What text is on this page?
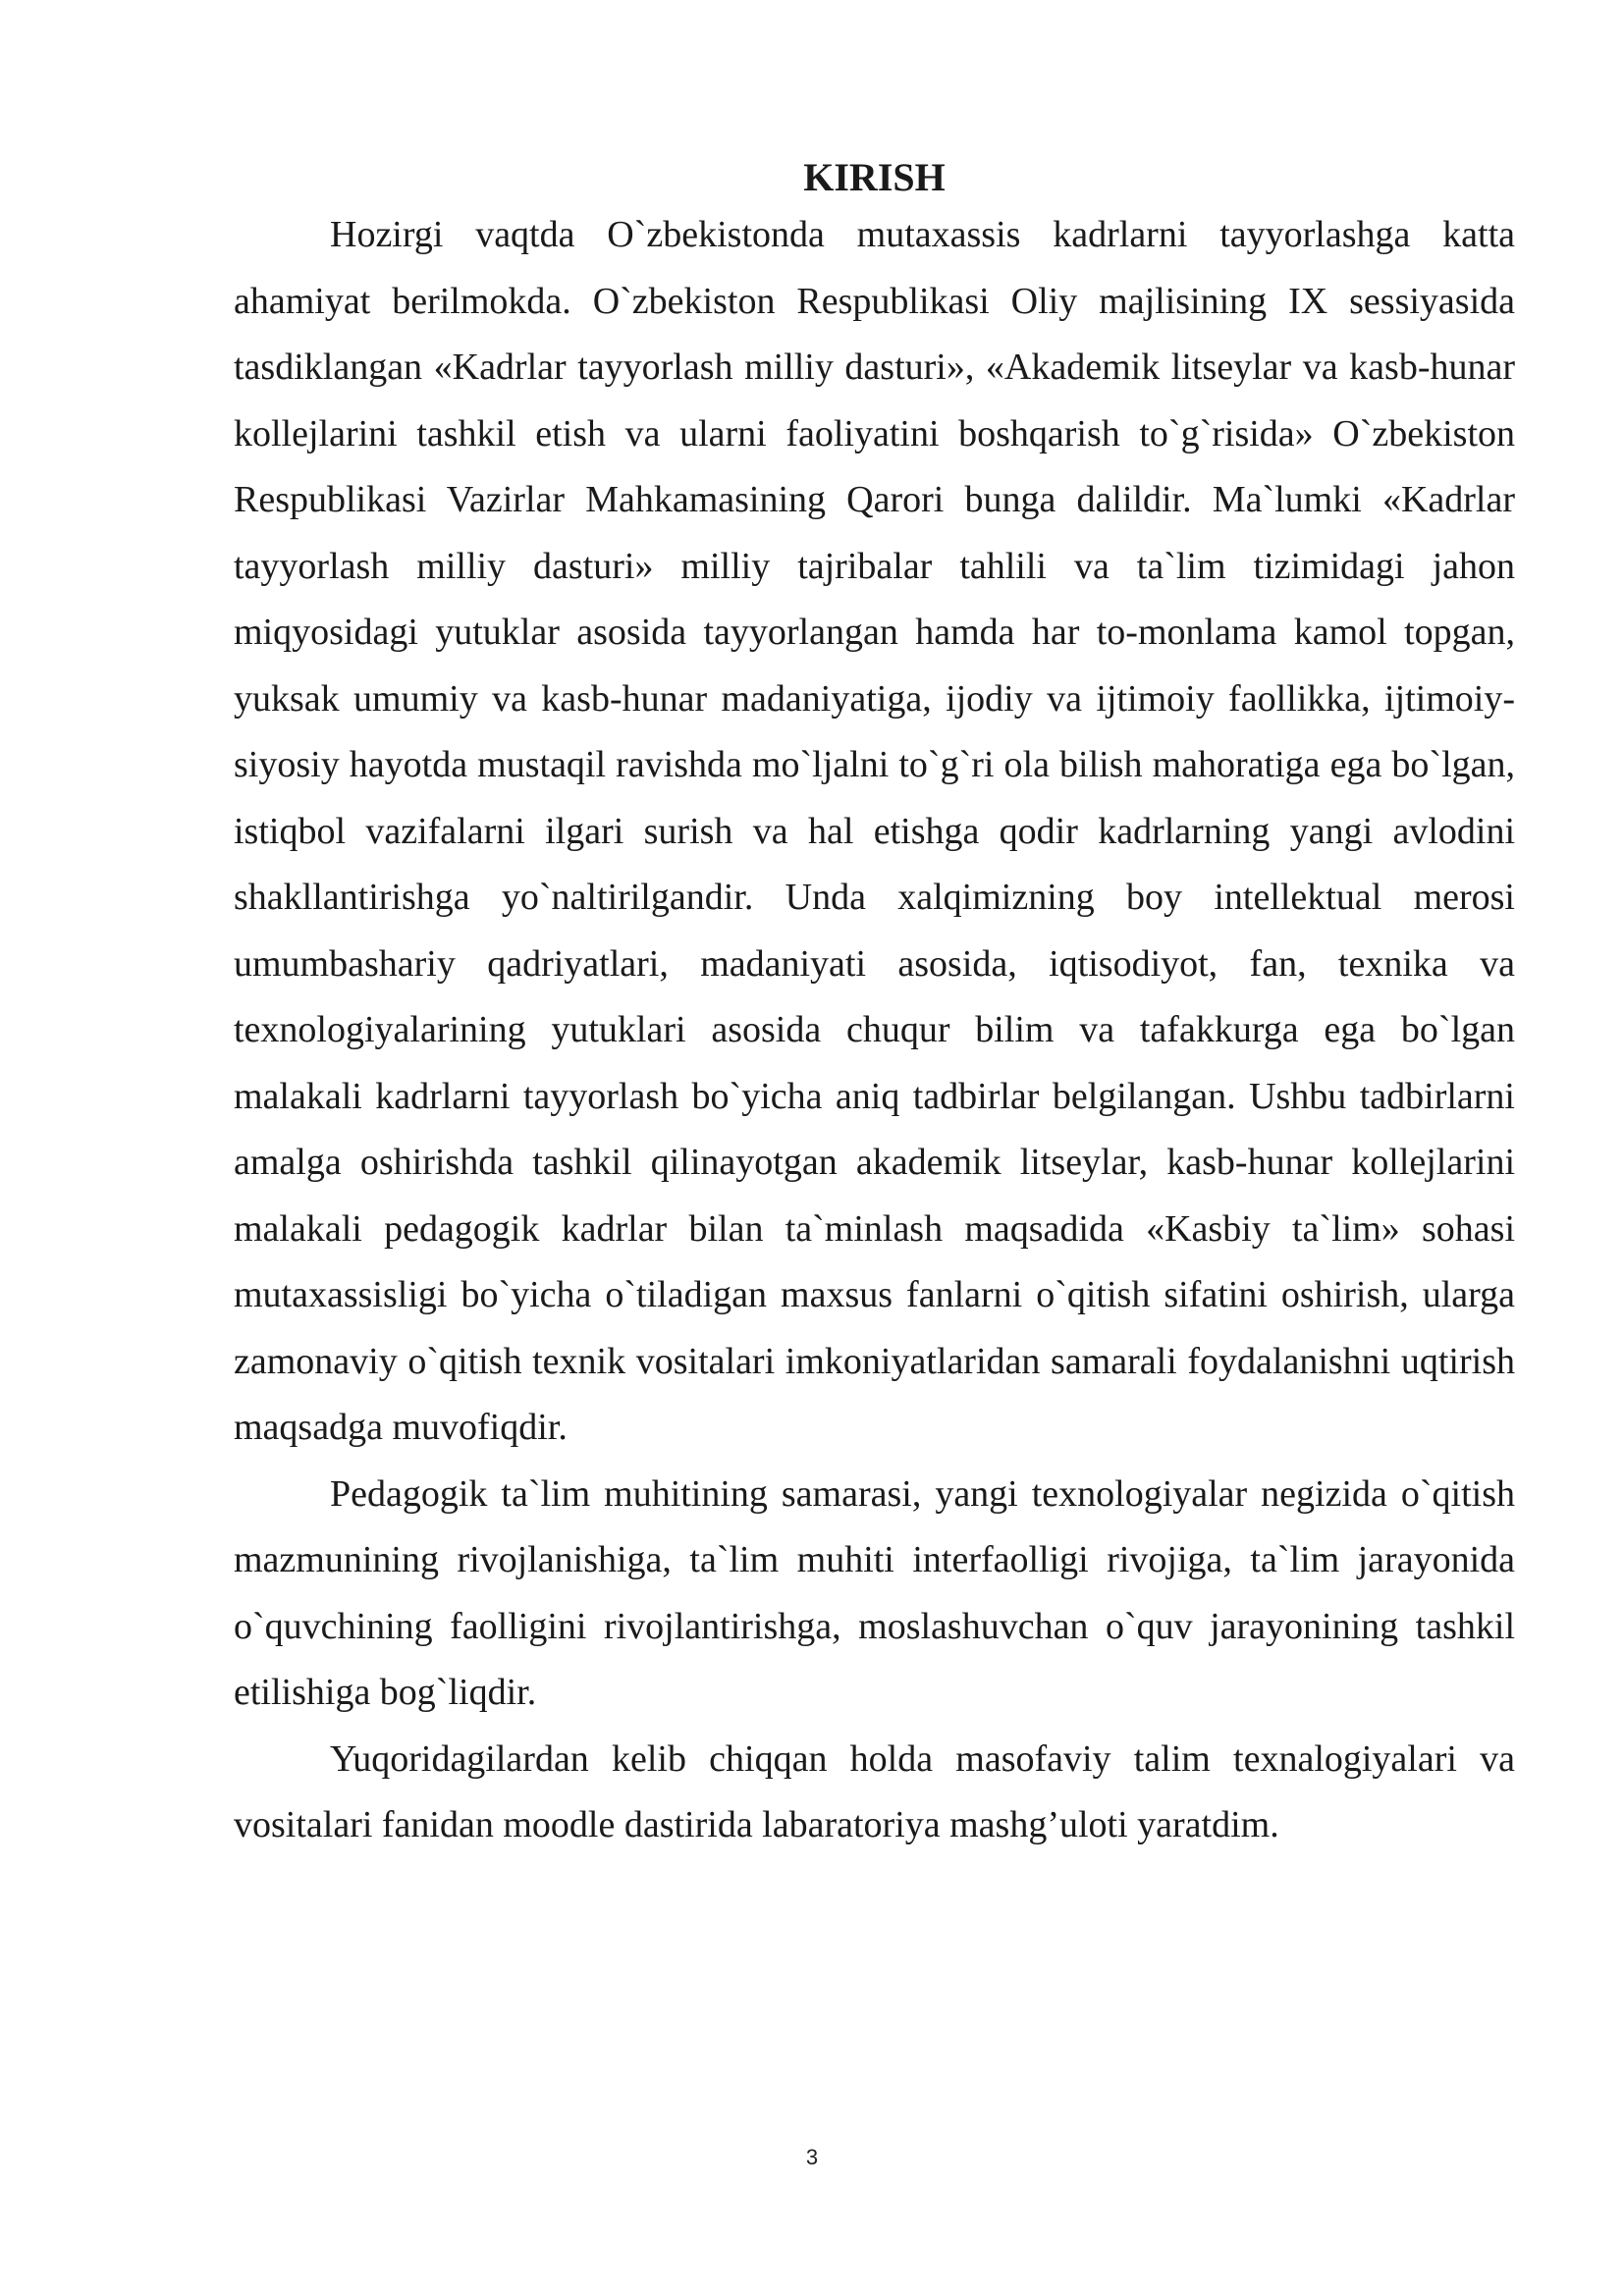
KIRISH

Hozirgi vaqtda O`zbekistonda mutaxassis kadrlarni tayyorlashga katta ahamiyat berilmokda. O`zbekiston Respublikasi Oliy majlisining IX sessiyasida tasdiklangan «Kadrlar tayyorlash milliy dasturi», «Akademik litseylar va kasb-hunar kollejlarini tashkil etish va ularni faoliyatini boshqarish to`g`risida» O`zbekiston Respublikasi Vazirlar Mahkamasining Qarori bunga dalildir. Ma`lumki «Kadrlar tayyorlash milliy dasturi» milliy tajribalar tahlili va ta`lim tizimidagi jahon miqyosidagi yutuklar asosida tayyorlangan hamda har to-monlama kamol topgan, yuksak umumiy va kasb-hunar madaniyatiga, ijodiy va ijtimoiy faollikka, ijtimoiy-siyosiy hayotda mustaqil ravishda mo`ljalni to`g`ri ola bilish mahoratiga ega bo`lgan, istiqbol vazifalarni ilgari surish va hal etishga qodir kadrlarning yangi avlodini shakllantirishga yo`naltirilgandir. Unda xalqimizning boy intellektual merosi umumbashariy qadriyatlari, madaniyati asosida, iqtisodiyot, fan, texnika va texnologiyalarining yutuklari asosida chuqur bilim va tafakkurga ega bo`lgan malakali kadrlarni tayyorlash bo`yicha aniq tadbirlar belgilangan. Ushbu tadbirlarni amalga oshirishda tashkil qilinayotgan akademik litseylar, kasb-hunar kollejlarini malakali pedagogik kadrlar bilan ta`minlash maqsadida «Kasbiy ta`lim» sohasi mutaxassisligi bo`yicha o`tiladigan maxsus fanlarni o`qitish sifatini oshirish, ularga zamonaviy o`qitish texnik vositalari imkoniyatlaridan samarali foydalanishni uqtirish maqsadga muvofiqdir.

Pedagogik ta`lim muhitining samarasi, yangi texnologiyalar negizida o`qitish mazmunining rivojlanishiga, ta`lim muhiti interfaolligi rivojiga, ta`lim jarayonida o`quvchining faolligini rivojlantirishga, moslashuvchan o`quv jarayonining tashkil etilishiga bog`liqdir.

Yuqoridagilardan kelib chiqqan holda masofaviy talim texnalogiyalari va vositalari fanidan moodle dastirida labaratoriya mashg’uloti yaratdim.

3
